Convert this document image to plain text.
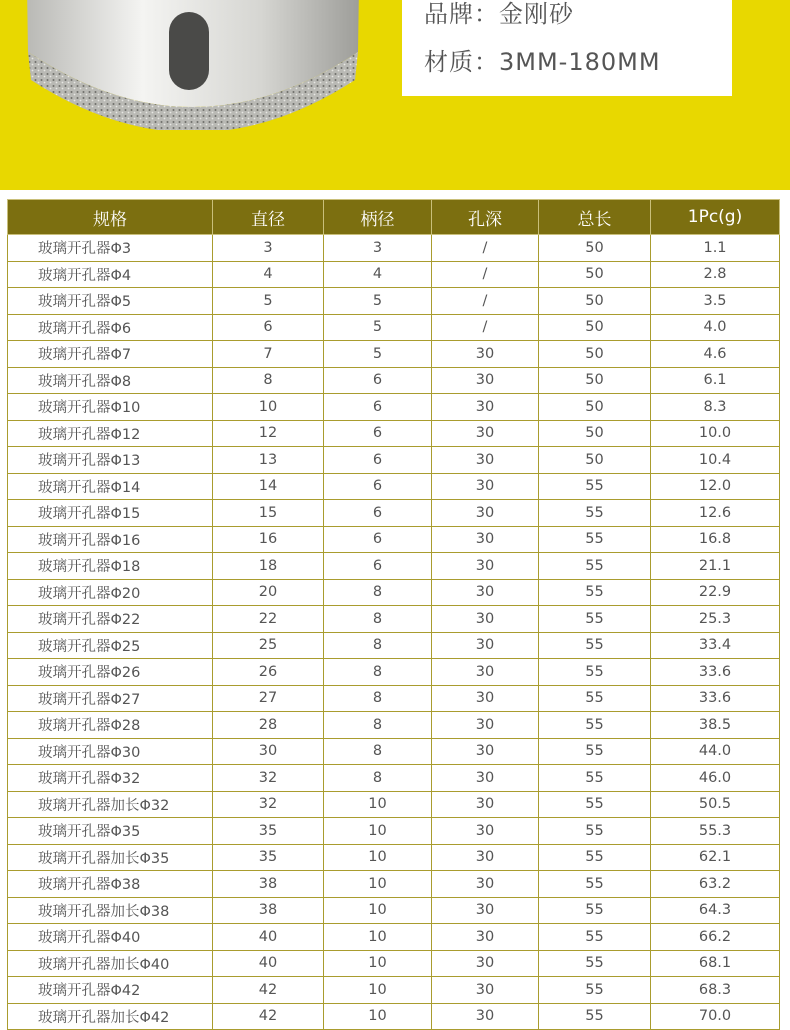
品牌：金刚砂
材质：3MM-180MM
规格	直径	柄径	孔深	总长	1Pc(g)
玻璃开孔器Φ3	3	3	/	50	1.1
玻璃开孔器Φ4	4	4	/	50	2.8
玻璃开孔器Φ5	5	5	/	50	3.5
玻璃开孔器Φ6	6	5	/	50	4.0
玻璃开孔器Φ7	7	5	30	50	4.6
玻璃开孔器Φ8	8	6	30	50	6.1
玻璃开孔器Φ10	10	6	30	50	8.3
玻璃开孔器Φ12	12	6	30	50	10.0
玻璃开孔器Φ13	13	6	30	50	10.4
玻璃开孔器Φ14	14	6	30	55	12.0
玻璃开孔器Φ15	15	6	30	55	12.6
玻璃开孔器Φ16	16	6	30	55	16.8
玻璃开孔器Φ18	18	6	30	55	21.1
玻璃开孔器Φ20	20	8	30	55	22.9
玻璃开孔器Φ22	22	8	30	55	25.3
玻璃开孔器Φ25	25	8	30	55	33.4
玻璃开孔器Φ26	26	8	30	55	33.6
玻璃开孔器Φ27	27	8	30	55	33.6
玻璃开孔器Φ28	28	8	30	55	38.5
玻璃开孔器Φ30	30	8	30	55	44.0
玻璃开孔器Φ32	32	8	30	55	46.0
玻璃开孔器加长Φ32	32	10	30	55	50.5
玻璃开孔器Φ35	35	10	30	55	55.3
玻璃开孔器加长Φ35	35	10	30	55	62.1
玻璃开孔器Φ38	38	10	30	55	63.2
玻璃开孔器加长Φ38	38	10	30	55	64.3
玻璃开孔器Φ40	40	10	30	55	66.2
玻璃开孔器加长Φ40	40	10	30	55	68.1
玻璃开孔器Φ42	42	10	30	55	68.3
玻璃开孔器加长Φ42	42	10	30	55	70.0
